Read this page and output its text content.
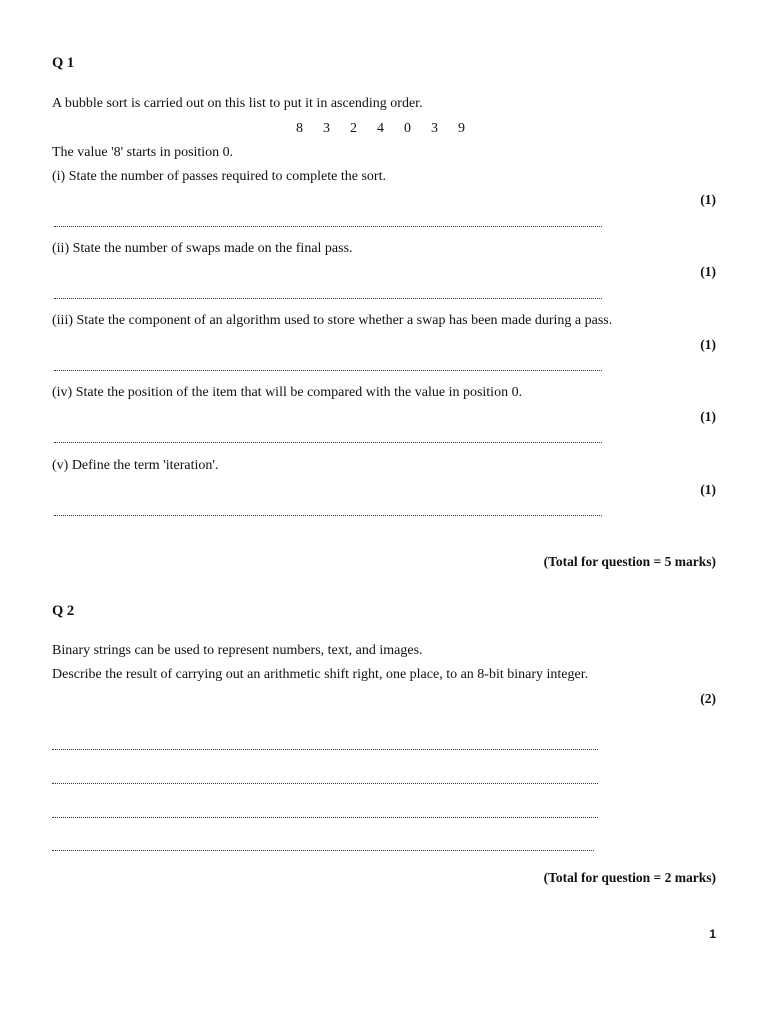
Q 1
A bubble sort is carried out on this list to put it in ascending order.
8	3	2	4	0	3	9
The value '8' starts in position 0.
(i) State the number of passes required to complete the sort.
(1)
(ii) State the number of swaps made on the final pass.
(1)
(iii) State the component of an algorithm used to store whether a swap has been made during a pass.
(1)
(iv) State the position of the item that will be compared with the value in position 0.
(1)
(v) Define the term 'iteration'.
(1)
(Total for question = 5 marks)
Q 2
Binary strings can be used to represent numbers, text, and images.
Describe the result of carrying out an arithmetic shift right, one place, to an 8-bit binary integer.
(2)
(Total for question = 2 marks)
1
